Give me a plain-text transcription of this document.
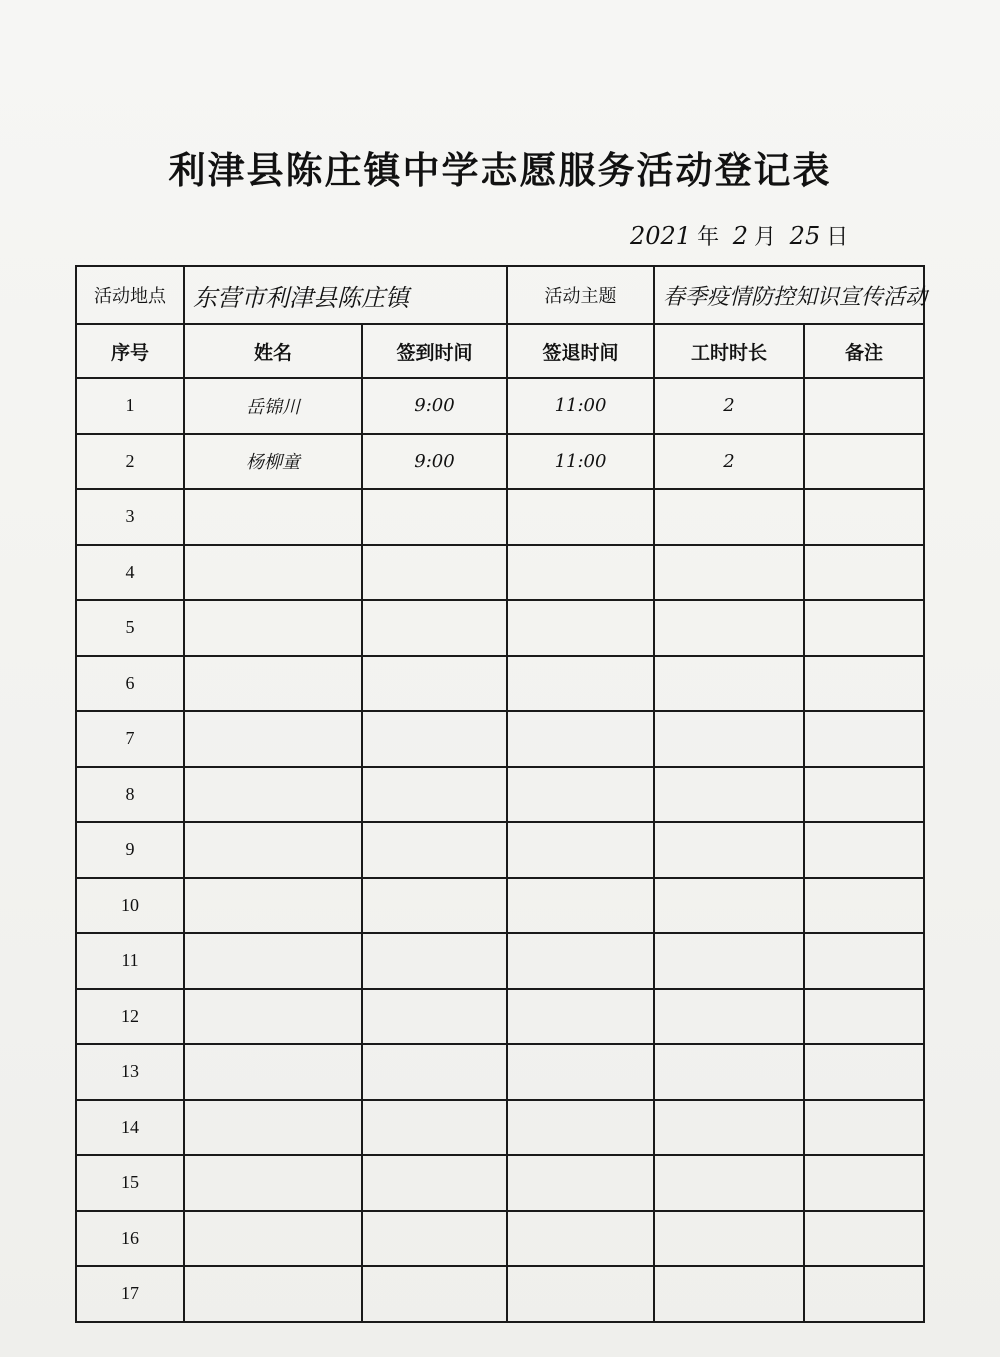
利津县陈庄镇中学志愿服务活动登记表
2021 年 2 月 25 日
活动地点	东营市利津县陈庄镇		活动主题	春季疫情防控知识宣传活动	
序号	姓名	签到时间	签退时间	工时时长	备注
1	岳锦川	9:00	11:00	2	
2	杨柳童	9:00	11:00	2	
3					
4					
5					
6					
7					
8					
9					
10					
11					
12					
13					
14					
15					
16					
17					
